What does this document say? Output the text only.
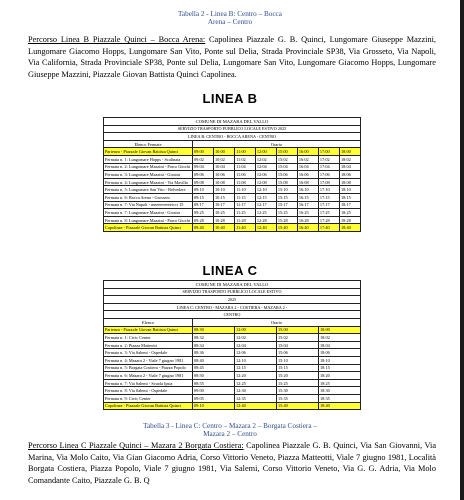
Tabella 2 - Linea B: Centro – Bocca
Arena – Centro
Percorso Linea B Piazzale Quinci – Bocca Arena: Capolinea Piazzale G. B. Quinci, Lungomare Giuseppe Mazzini, Lungomare Giacomo Hopps, Lungomare San Vito, Ponte sul Delia, Strada Provinciale SP38, Via Grosseto, Via Napoli, Via California, Strada Provinciale SP38, Ponte sul Delia, Lungomare San Vito, Lungomare Giacomo Hopps, Lungomare Giuseppe Mazzini, Piazzale Giovan Battista Quinci Capolinea.
LINEA B
COMUNE DI MAZARA DEL VALLO								
SERVIZIO TRASPORTO PUBBLICO LOCALE ESTIVO 2025								
LINEA B: CENTRO - BOCCA ARENA - CENTRO								
Elenco Fermate	Orario							
Partenza - Piazzale Giovan Battista Quinci	09:00	10:00	11:00	12:00	15:00	16:00	17:00	18:00
Fermata n. 1: Lungomare Hopps - Scalinata	09:02	10:02	11:02	12:02	15:02	16:02	17:02	18:02
Fermata n. 2: Lungomare Mazzini - Parco Giochi	09:04	10:04	11:04	12:04	15:04	16:04	17:04	18:04
Fermata n. 3: Lungomare Mazzini - Giostra	09:06	10:06	11:06	12:06	15:06	16:06	17:06	18:06
Fermata n. 4: Lungomare Mazzini - Via Mavilla	09:08	10:08	11:08	12:08	15:08	16:08	17:08	18:08
Fermata n. 5: Lungomare San Vito - Belvedere	09:10	10:10	11:10	12:10	15:10	16:10	17:10	18:10
Fermata n. 6: Bocca Arena - Grosseto	09:15	10:15	11:15	12:15	15:15	16:15	17:15	18:15
Fermata n. 7: Via Napoli - meeeeveeeeicci 15	09:17	10:17	11:17	12:17	15:17	16:17	17:17	18:17
Fermata n. 7: Lungomare Mazzini - Giostra	09:25	10:25	11:25	12:25	15:25	16:25	17:25	18:25
Fermata n. 8: Lungomare Mazzini - Parco Giochi	09:28	10:28	11:28	12:28	15:28	16:28	17:28	18:28
Capolinea - Piazzale Giovan Battista Quinci	09:40	10:40	11:40	12:40	15:40	16:40	17:40	18:40
LINEA C
COMUNE DI MAZARA DEL VALLO				
SERVIZIO TRASPORTO PUBBLICO LOCALE ESTIVO				
2025				
LINEA C: CENTRO - MAZARA 2 - COSTIERA - MAZARA 2 -				
CENTRO				
Elenco	Orario			
Partenza - Piazzale Giovan Battista Quinci	08:30	12:00	15:00	18:00
Fermata n. 1: Civic Center	08:32	12:02	15:02	18:02
Fermata n. 2: Piazza Matteotti	08:34	12:04	15:04	18:04
Fermata n. 3: Via Salemi - Ospedale	08:36	12:06	15:06	18:06
Fermata n. 4: Mazara 2 - Viale 7 giugno 1981	08:40	12:10	15:10	18:10
Fermata n. 5: Borgata Costiera - Piazza Popolo	08:45	12:15	15:15	18:15
Fermata n. 6: Mazara 2 - Viale 7 giugno 1981	08:50	12:20	15:20	18:20
Fermata n. 7: Via Salemi - Scuola Ipsia	08:55	12:25	15:25	18:25
Fermata n. 8: Via Salemi - Ospedale	09:00	12:30	15:30	18:30
Fermata n. 9: Civic Center	09:05	12:35	15:35	18:35
Capolinea - Piazzale Giovan Battista Quinci	09:10	12:40	15:40	18:40
Tabella 3 - Linea C: Centro – Mazara 2 – Borgata Costiera –
Mazara 2 – Centro
Percorso Linea C Piazzale Quinci – Mazara 2 Borgata Costiera: Capolinea Piazzale G. B. Quinci, Via San Giovanni, Via Marina, Via Molo Caito, Via Gian Giacomo Adria, Corso Vittorio Veneto, Piazza Matteotti, Viale 7 giugno 1981, Località Borgata Costiera, Piazza Popolo, Viale 7 giugno 1981, Via Salemi, Corso Vittorio Veneto, Via G. G. Adria, Via Molo Comandante Caito, Piazzale G. B. Q
